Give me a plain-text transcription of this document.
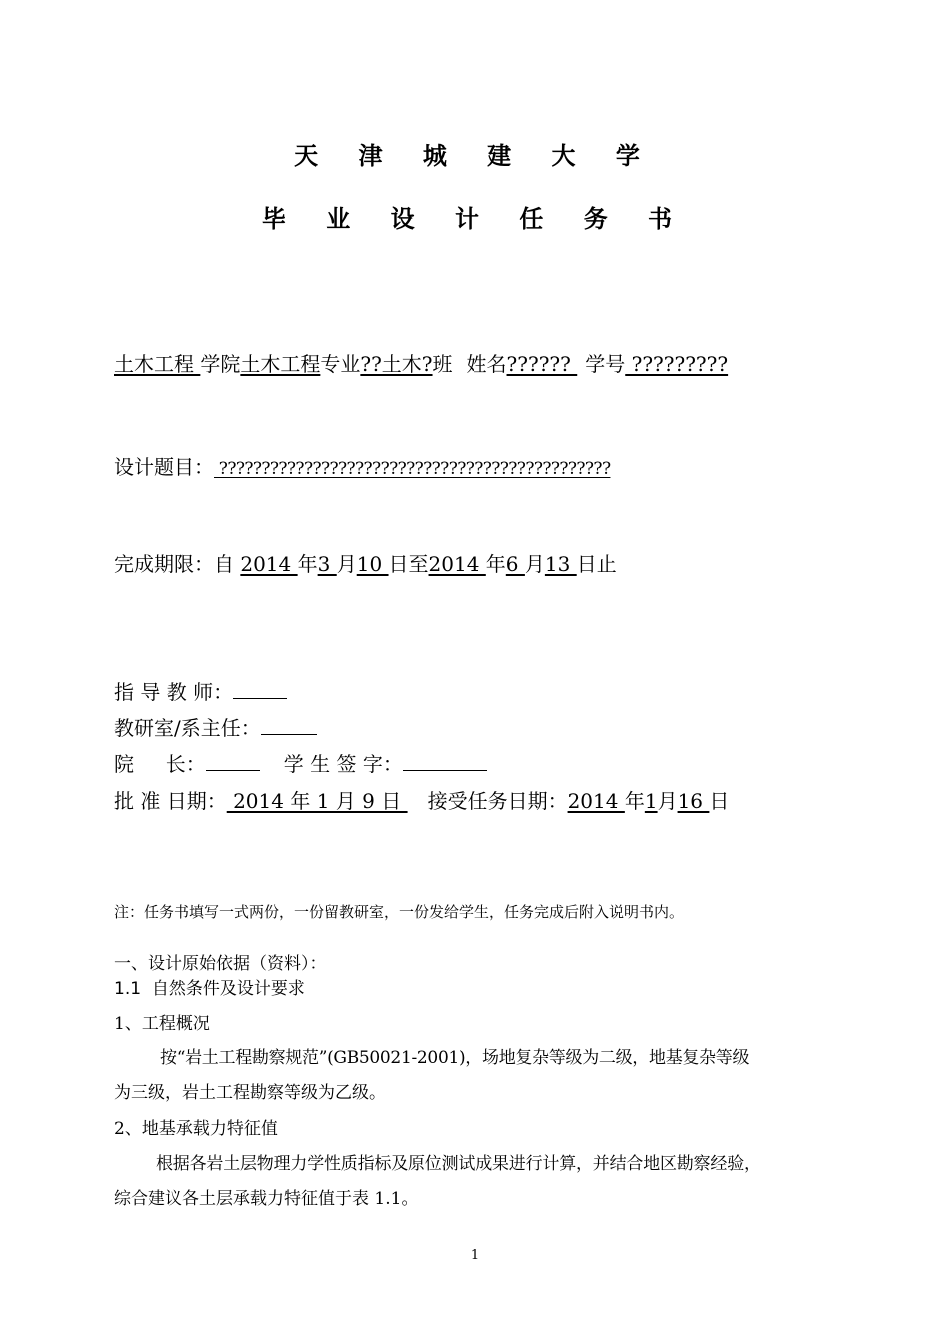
天 津 城 建 大 学
毕 业 设 计 任 务 书
土木工程 学院土木工程专业??土木?班 姓名?????? 学号 ?????????
设计题目： ??????????????????????????????????????????????
完成期限：自 2014 年3 月10 日至2014 年6 月13 日止
指 导 教 师：
教研室/系主任：
院     长：	学 生 签 字：
批 准 日期： 2014 年 1 月 9 日 接受任务日期：2014 年1月16 日
注：任务书填写一式两份，一份留教研室，一份发给学生，任务完成后附入说明书内。
一、设计原始依据（资料）：
1.1  自然条件及设计要求
1、工程概况
按“岩土工程勘察规范”(GB50021-2001)，场地复杂等级为二级，地基复杂等级
为三级，岩土工程勘察等级为乙级。
2、地基承载力特征值
根据各岩土层物理力学性质指标及原位测试成果进行计算，并结合地区勘察经验，
综合建议各土层承载力特征值于表 1.1。
1
